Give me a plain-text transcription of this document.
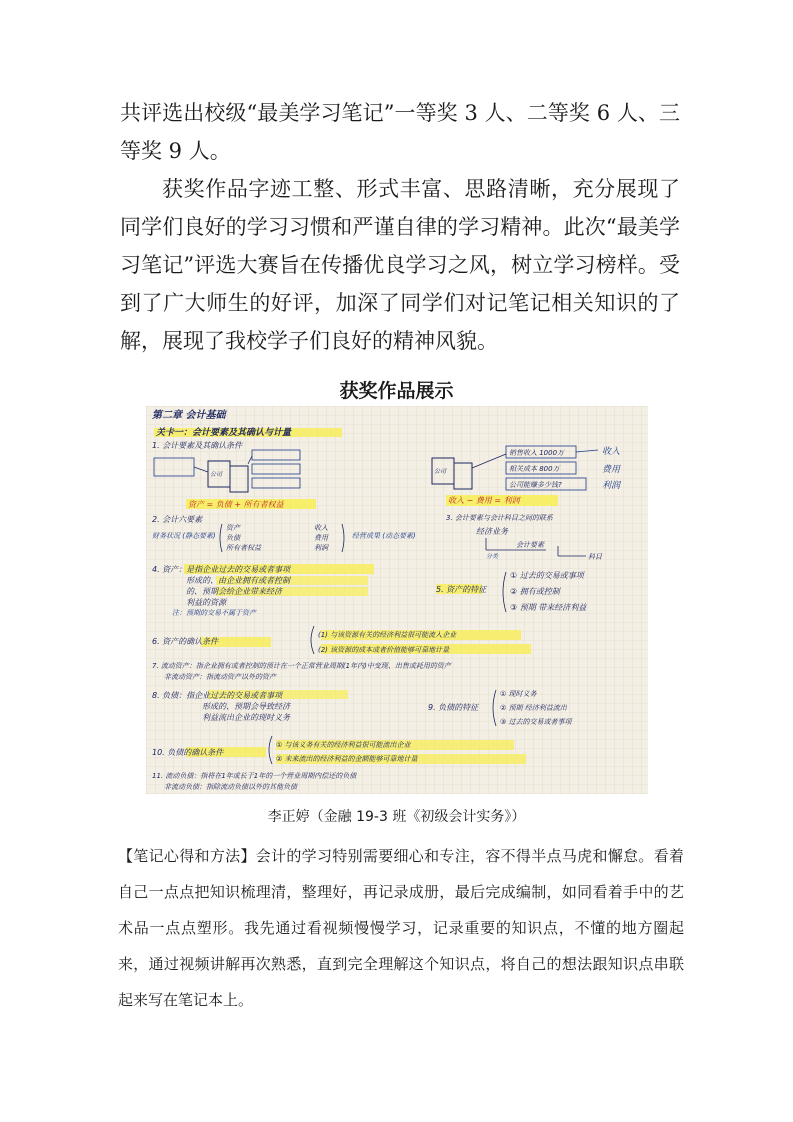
共评选出校级“最美学习笔记”一等奖 3 人、二等奖 6 人、三等奖 9 人。

获奖作品字迹工整、形式丰富、思路清晰，充分展现了同学们良好的学习习惯和严谨自律的学习精神。此次“最美学习笔记”评选大赛旨在传播优良学习之风，树立学习榜样。受到了广大师生的好评，加深了同学们对记笔记相关知识的了解，展现了我校学子们良好的精神风貌。

获奖作品展示
第二章 会计基础
关卡一：会计要素及其确认与计量
1. 会计要素及其确认条件
公司
资产 = 负债 + 所有者权益
公司
销售收入 1000万
相关成本 800万
公司能赚多少钱?
收入
费用
利润
收入 − 费用 = 利润
2. 会计六要素
财务状况 (静态要素)
资产
负债
所有者权益
收入
费用
利润
经营成果 (动态要素)
3. 会计要素与会计科目之间的联系
经济业务
分类
会计要素
科目
4. 资产：是指企业过去的交易或者事项
形成的、由企业拥有或者控制
的、预期会给企业带来经济
利益的资源
注：预期的交易不属于资产
5. 资产的特征
① 过去的交易或事项
② 拥有或控制
③ 预期 带来经济利益
6. 资产的确认条件
(1) 与该资源有关的经济利益很可能流入企业
(2) 该资源的成本或者价值能够可靠地计量
7. 流动资产：指企业拥有或者控制的预计在一个正常营业周期(1年内)中变现、出售或耗用的资产
非流动资产：指流动资产以外的资产
8. 负债：指企业过去的交易或者事项
形成的、预期会导致经济
利益流出企业的现时义务
9. 负债的特征
① 现时义务
② 预期 经济利益流出
③ 过去的交易或者事项
10. 负债的确认条件
① 与该义务有关的经济利益很可能流出企业
② 未来流出的经济利益的金额能够可靠地计量
11. 流动负债：指将在1年或长于1年的一个营业周期内偿还的负债
非流动负债：指除流动负债以外的其他负债
李正婷（金融 19-3 班《初级会计实务》）

【笔记心得和方法】会计的学习特别需要细心和专注，容不得半点马虎和懈怠。看着自己一点点把知识梳理清，整理好，再记录成册，最后完成编制，如同看着手中的艺术品一点点塑形。我先通过看视频慢慢学习，记录重要的知识点，不懂的地方圈起来，通过视频讲解再次熟悉，直到完全理解这个知识点，将自己的想法跟知识点串联起来写在笔记本上。
